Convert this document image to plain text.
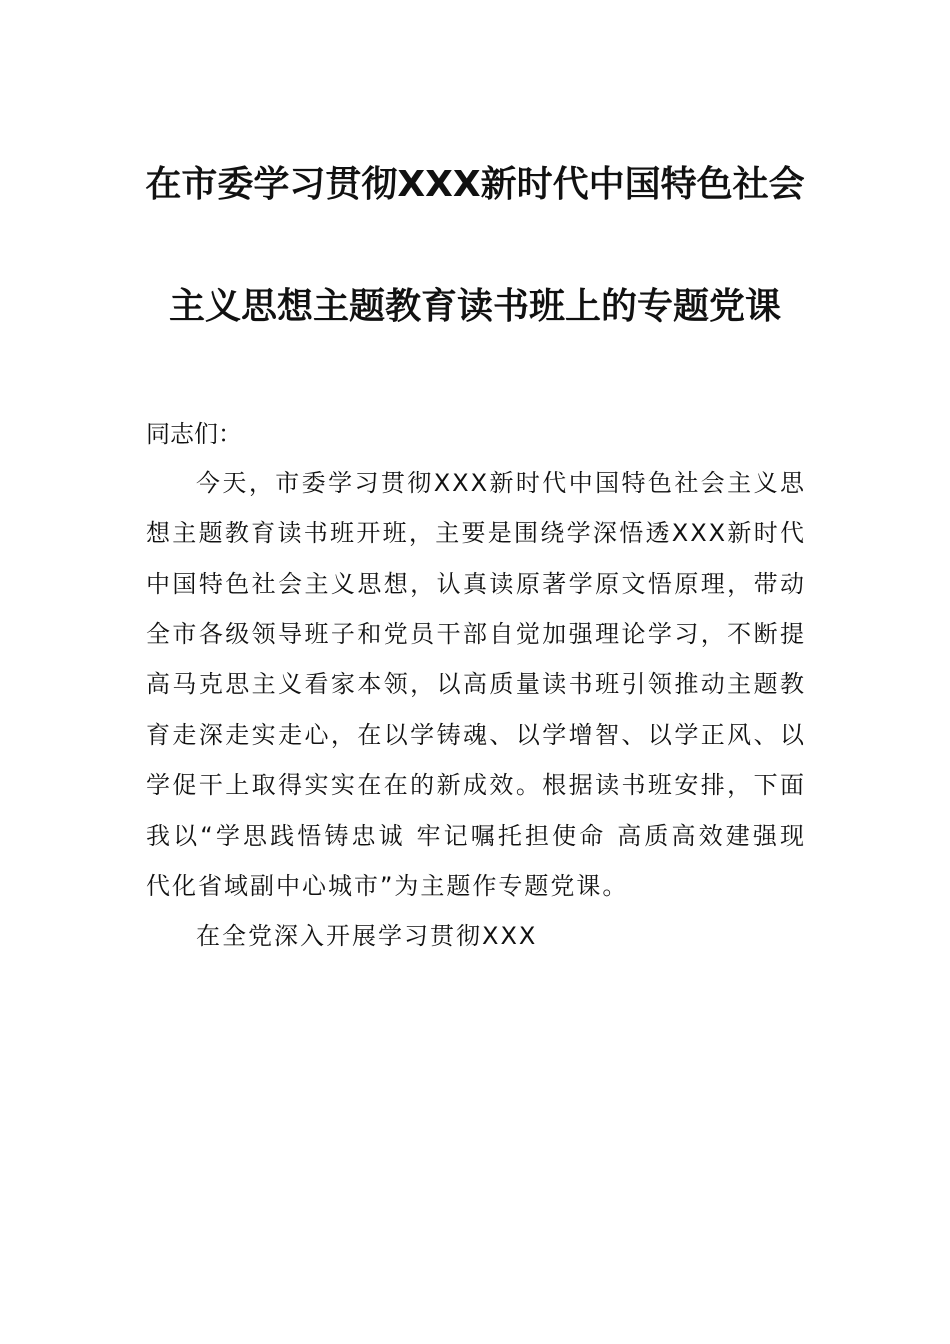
在市委学习贯彻XXX新时代中国特色社会
主义思想主题教育读书班上的专题党课
同志们：
今天，市委学习贯彻XXX新时代中国特色社会主义思
想主题教育读书班开班，主要是围绕学深悟透XXX新时代
中国特色社会主义思想，认真读原著学原文悟原理，带动
全市各级领导班子和党员干部自觉加强理论学习，不断提
高马克思主义看家本领，以高质量读书班引领推动主题教
育走深走实走心，在以学铸魂、以学增智、以学正风、以
学促干上取得实实在在的新成效。根据读书班安排，下面
我以“学思践悟铸忠诚 牢记嘱托担使命 高质高效建强现
代化省域副中心城市”为主题作专题党课。
在全党深入开展学习贯彻XXX
